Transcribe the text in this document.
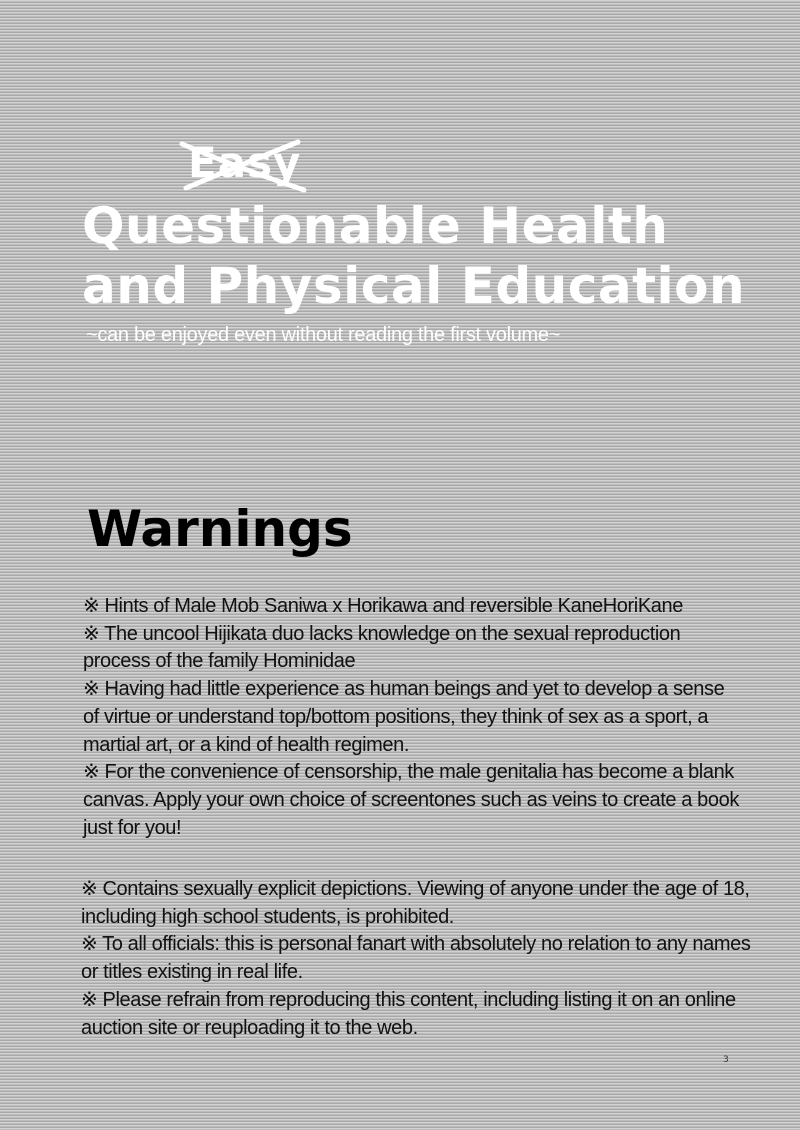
Easy
Questionable Health
and Physical Education
~can be enjoyed even without reading the first volume~
Warnings

※ Hints of Male Mob Saniwa x Horikawa and reversible KaneHoriKane

※ The uncool Hijikata duo lacks knowledge on the sexual reproduction process of the family Hominidae

※ Having had little experience as human beings and yet to develop a sense of virtue or understand top/bottom positions, they think of sex as a sport, a martial art, or a kind of health regimen.

※ For the convenience of censorship, the male genitalia has become a blank canvas. Apply your own choice of screentones such as veins to create a book just for you!

※ Contains sexually explicit depictions. Viewing of anyone under the age of 18, including high school students, is prohibited.

※ To all officials: this is personal fanart with absolutely no relation to any names or titles existing in real life.

※ Please refrain from reproducing this content, including listing it on an online auction site or reuploading it to the web.

3
